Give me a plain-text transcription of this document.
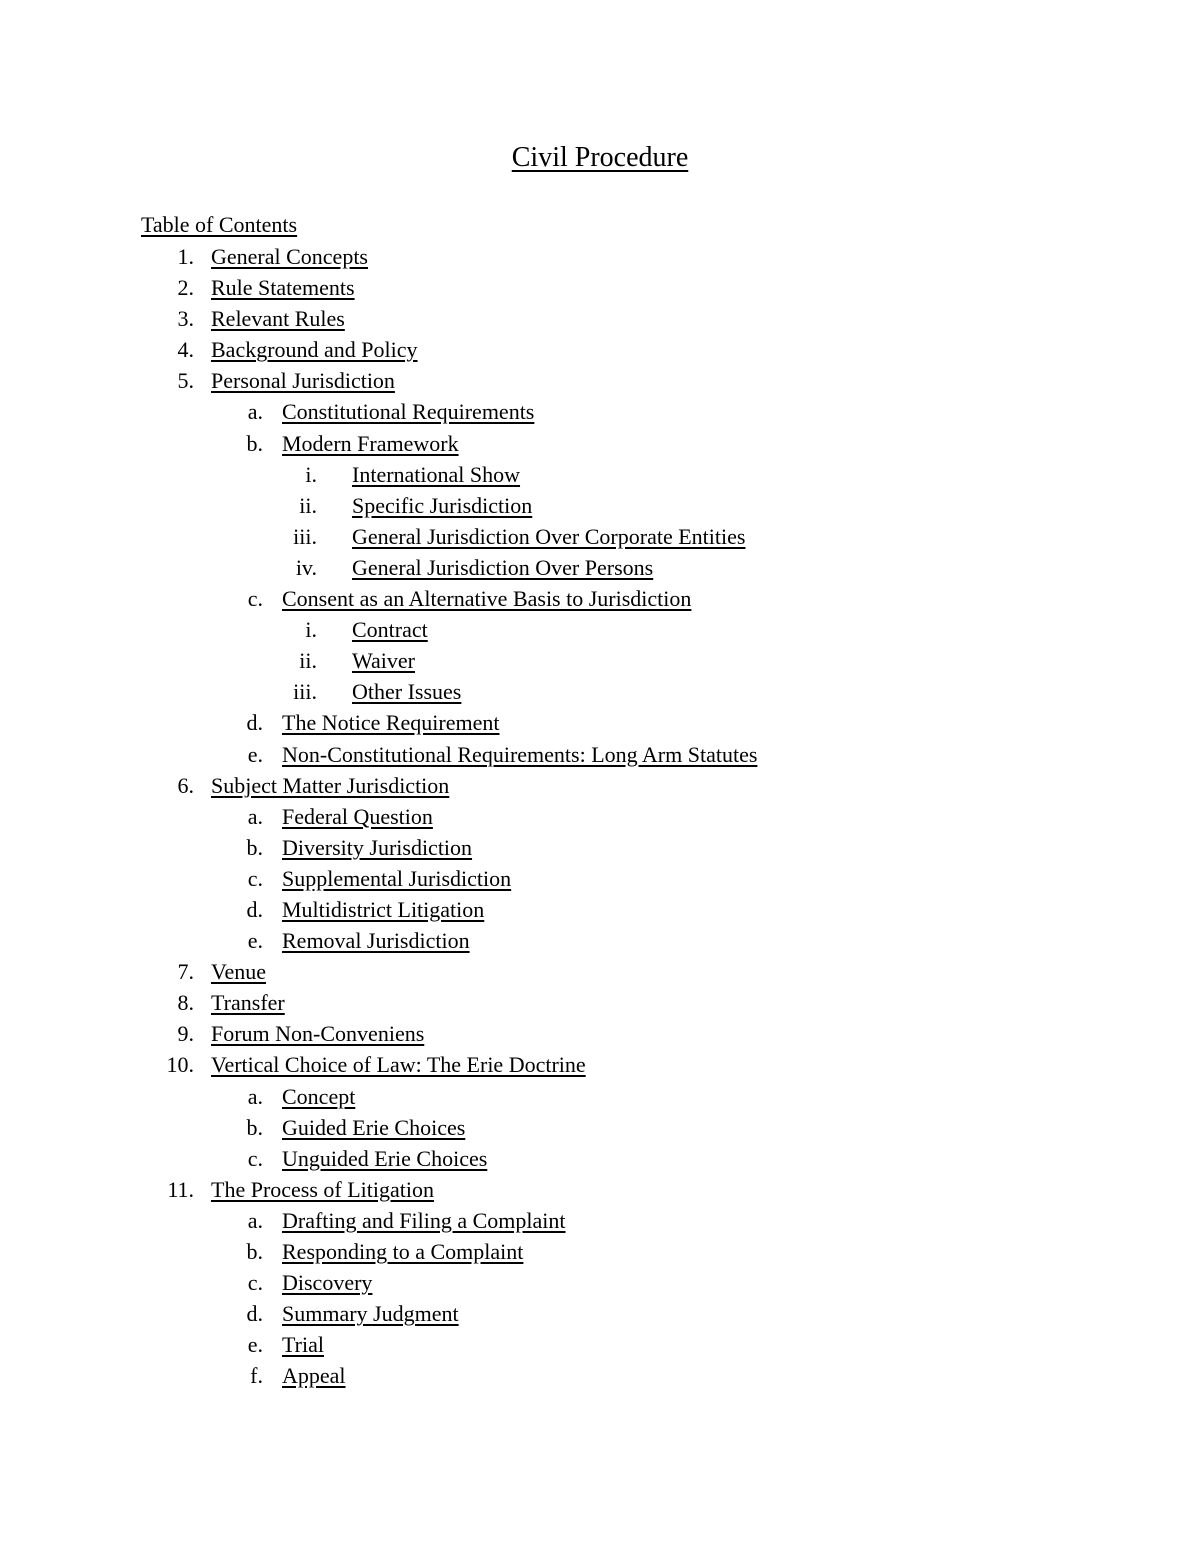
Civil Procedure
Table of Contents
1. General Concepts
2. Rule Statements
3. Relevant Rules
4. Background and Policy
5. Personal Jurisdiction
a. Constitutional Requirements
b. Modern Framework
i. International Show
ii. Specific Jurisdiction
iii. General Jurisdiction Over Corporate Entities
iv. General Jurisdiction Over Persons
c. Consent as an Alternative Basis to Jurisdiction
i. Contract
ii. Waiver
iii. Other Issues
d. The Notice Requirement
e. Non-Constitutional Requirements: Long Arm Statutes
6. Subject Matter Jurisdiction
a. Federal Question
b. Diversity Jurisdiction
c. Supplemental Jurisdiction
d. Multidistrict Litigation
e. Removal Jurisdiction
7. Venue
8. Transfer
9. Forum Non-Conveniens
10. Vertical Choice of Law: The Erie Doctrine
a. Concept
b. Guided Erie Choices
c. Unguided Erie Choices
11. The Process of Litigation
a. Drafting and Filing a Complaint
b. Responding to a Complaint
c. Discovery
d. Summary Judgment
e. Trial
f. Appeal
